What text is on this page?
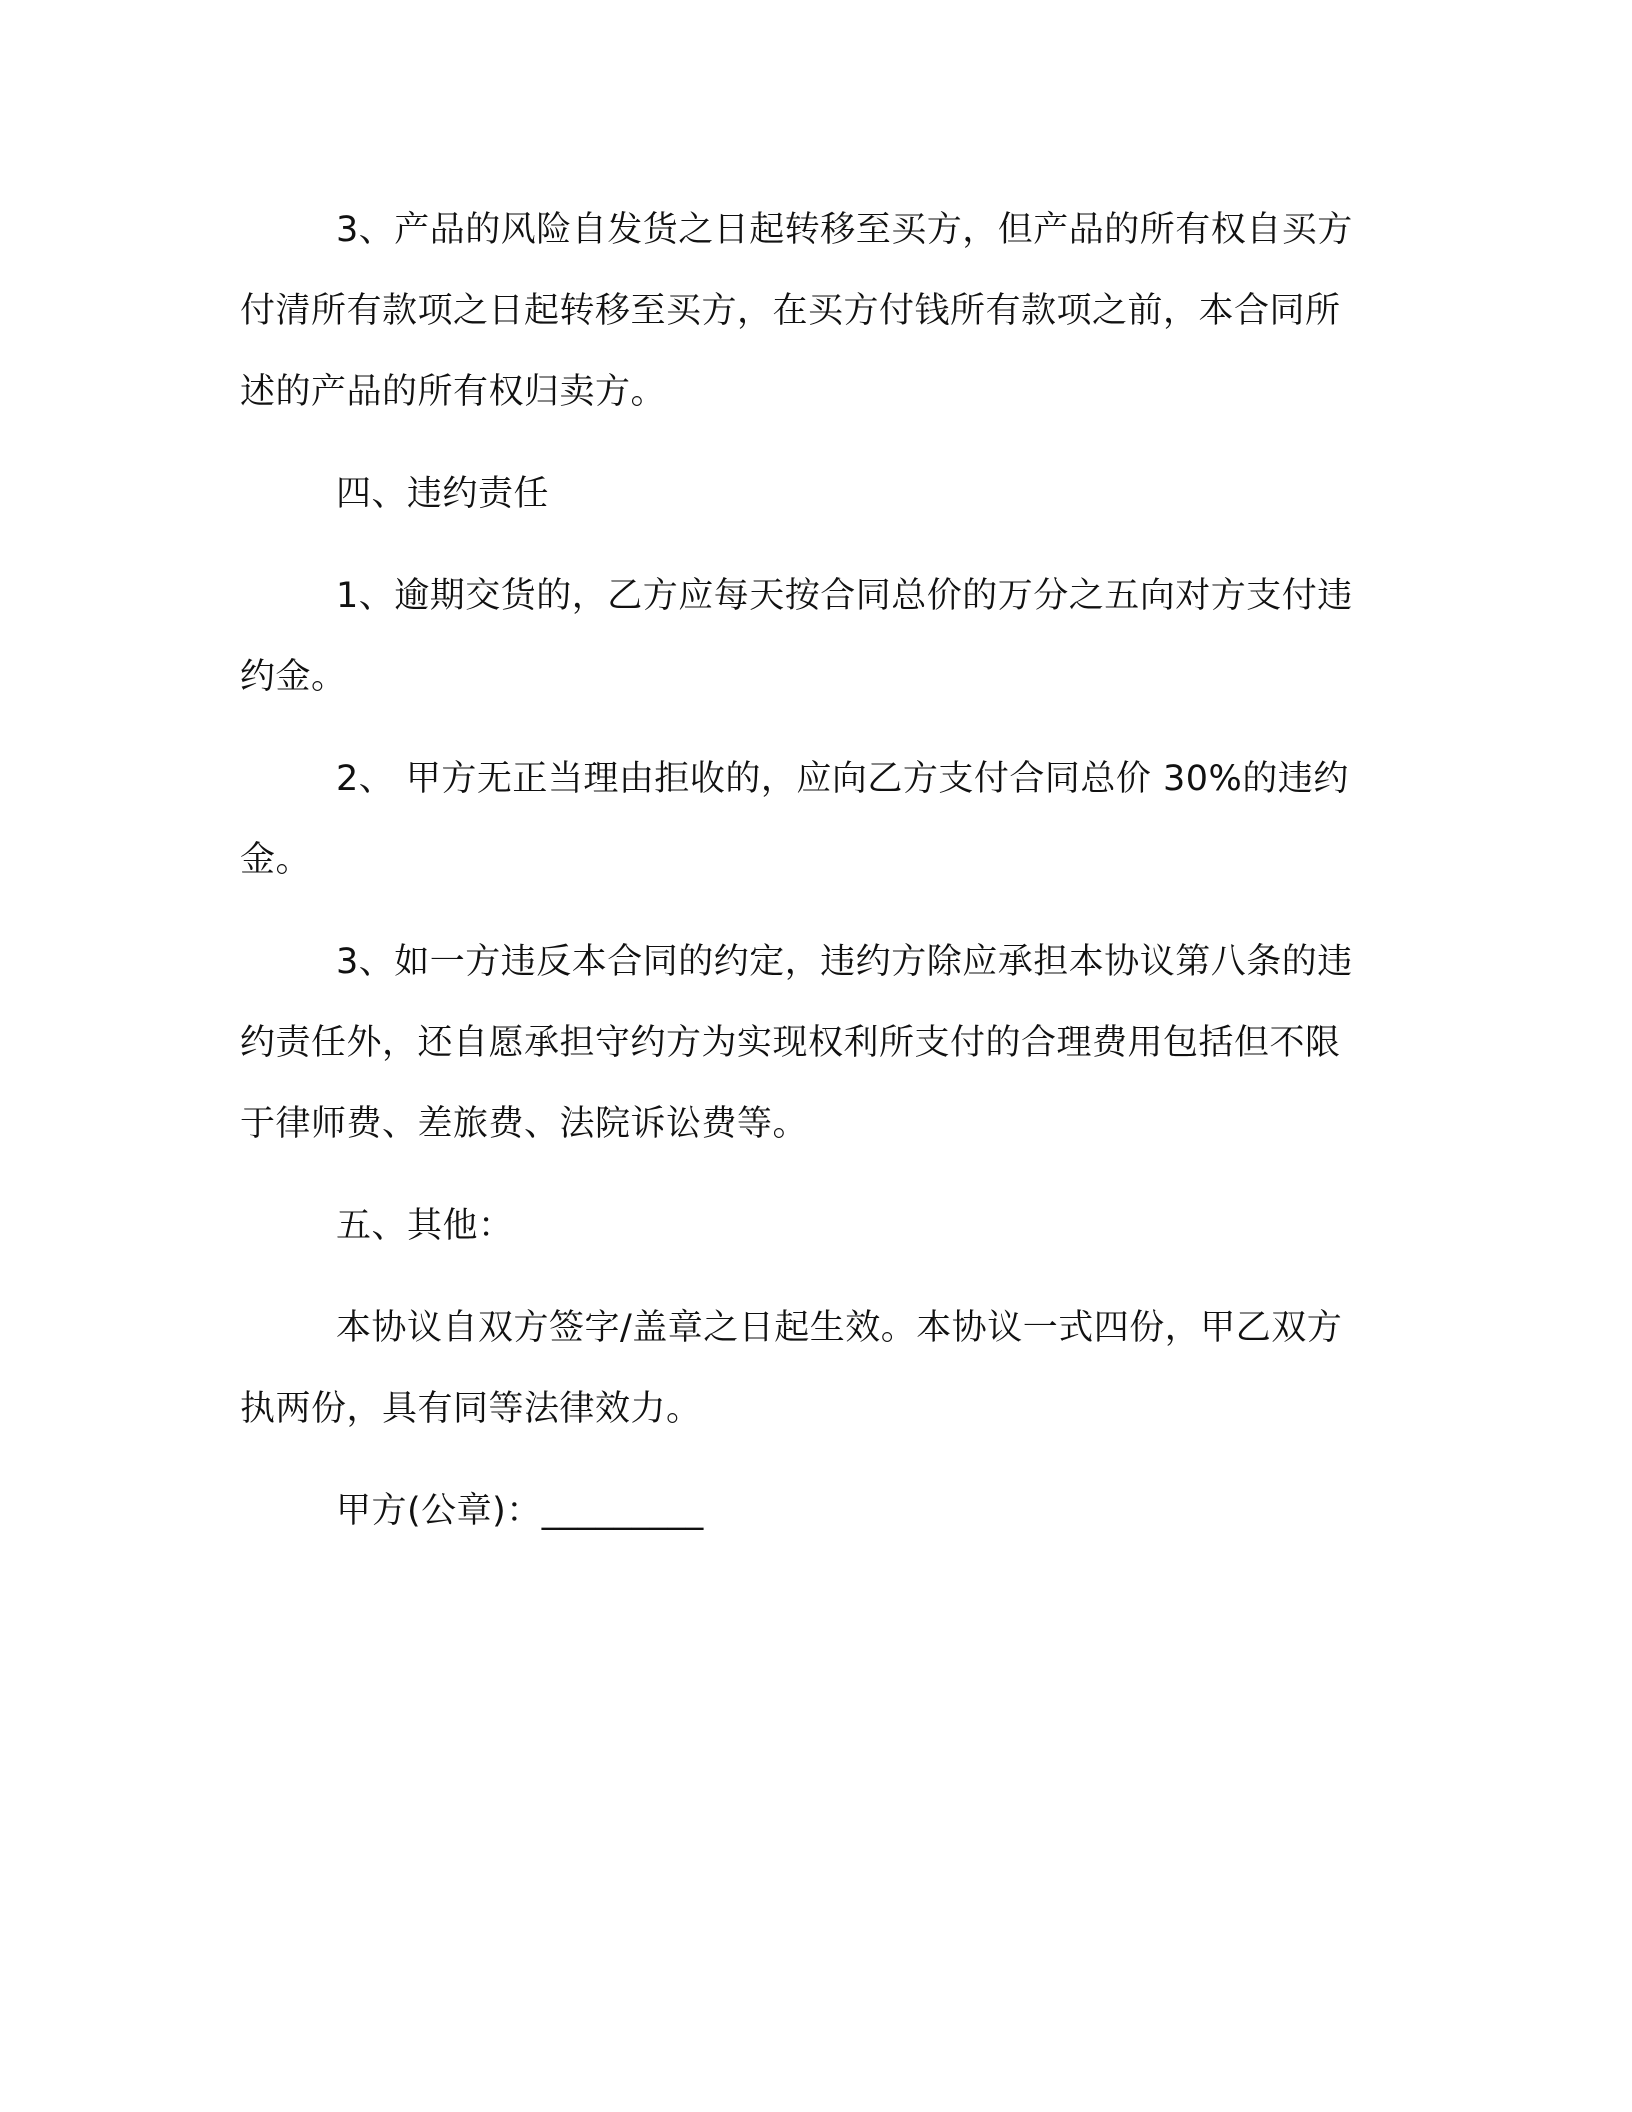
3、产品的风险自发货之日起转移至买方，但产品的所有权自买方付清所有款项之日起转移至买方，在买方付钱所有款项之前，本合同所述的产品的所有权归卖方。

四、违约责任

1、逾期交货的，乙方应每天按合同总价的万分之五向对方支付违约金。

2、 甲方无正当理由拒收的，应向乙方支付合同总价 30%的违约金。

3、如一方违反本合同的约定，违约方除应承担本协议第八条的违约责任外，还自愿承担守约方为实现权利所支付的合理费用包括但不限于律师费、差旅费、法院诉讼费等。

五、其他：

本协议自双方签字/盖章之日起生效。本协议一式四份，甲乙双方执两份，具有同等法律效力。

甲方(公章)：_________
